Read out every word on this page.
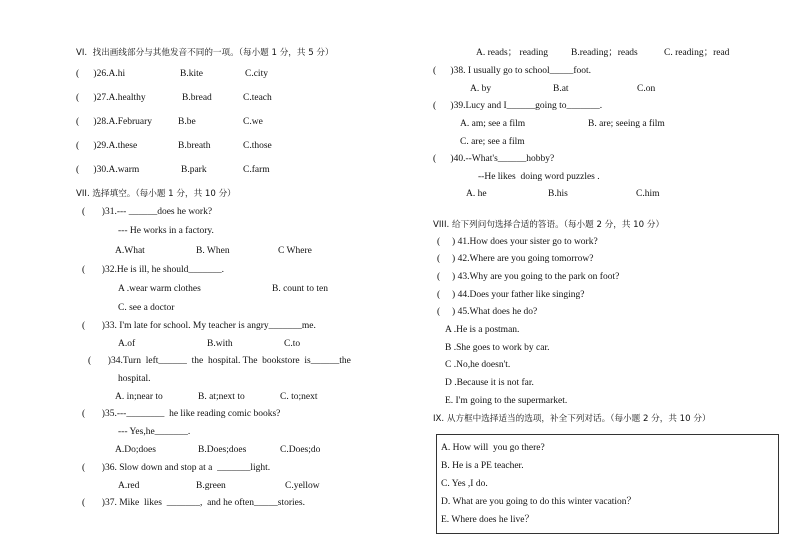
VI.  找出画线部分与其他发音不同的一项。（每小题 1 分，共 5 分）
(      )26.A.hi	B.kite	C.city
(      )27.A.healthy	B.bread	C.teach
(      )28.A.February	B.be	C.we
(      )29.A.these	B.breath	C.those
(      )30.A.warm	B.park	C.farm
VII. 选择填空。（每小题 1 分，共 10 分）
(       )31.--- ______does he work?
--- He works in a factory.
A.What	B. When	C Where
(       )32.He is ill, he should_______.
A .wear warm clothes	B. count to ten
C. see a doctor
(       )33. I'm late for school. My teacher is angry_______me.
A.of	B.with	C.to
(       )34.Turn  left______  the  hospital. The  bookstore  is______the
hospital.
A. in;near to	B. at;next to	C. to;next
(       )35.---________  he like reading comic books?
--- Yes,he_______.
A.Do;does	B.Does;does	C.Does;do
(       )36. Slow down and stop at a  _______light.
A.red	B.green	C.yellow
(       )37. Mike  likes  _______,  and he often_____stories.
A. reads； reading B.reading；reads	C. reading；read
(      )38. I usually go to school_____foot.
A. by	B.at	C.on
(      )39.Lucy and I______going to_______.
A. am; see a film	B. are; seeing a film
C. are; see a film
(      )40.--What's______hobby?
--He likes  doing word puzzles .
A. he	B.his	C.him
VIII. 给下列问句选择合适的答语。（每小题 2 分，共 10 分）
(     ) 41.How does your sister go to work?
(     ) 42.Where are you going tomorrow?
(     ) 43.Why are you going to the park on foot?
(     ) 44.Does your father like singing?
(     ) 45.What does he do?
A .He is a postman.
B .She goes to work by car.
C .No,he doesn't.
D .Because it is not far.
E. I'm going to the supermarket.
IX. 从方框中选择适当的选项，补全下列对话。（每小题 2 分，共 10 分）
A. How will  you go there?
B. He is a PE teacher.
C. Yes ,I do.
D. What are you going to do this winter vacation？
E. Where does he live？
